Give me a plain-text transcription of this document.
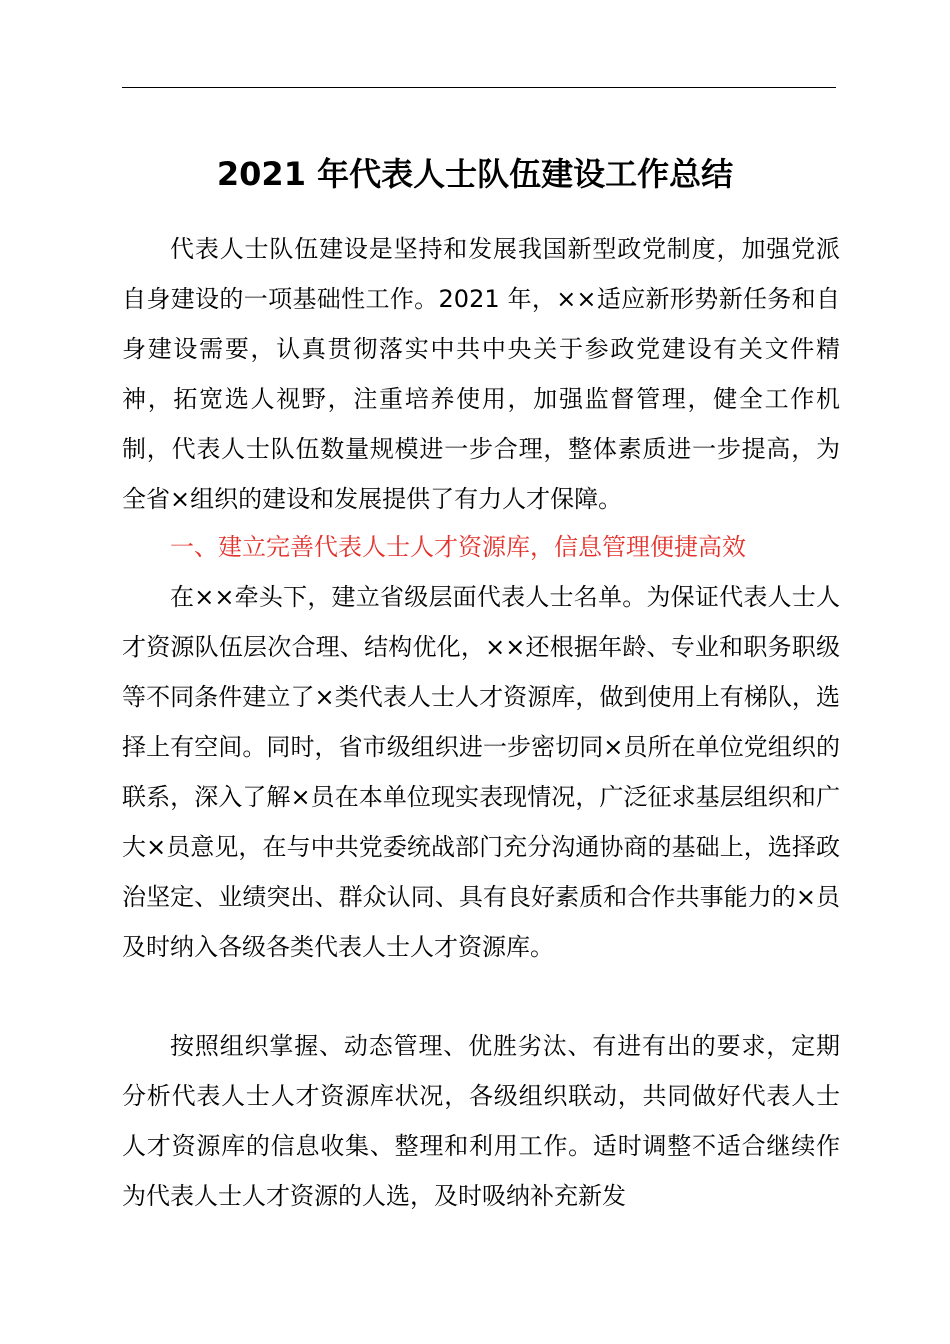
2021 年代表人士队伍建设工作总结

代表人士队伍建设是坚持和发展我国新型政党制度，加强党派自身建设的一项基础性工作。2021 年，××适应新形势新任务和自身建设需要，认真贯彻落实中共中央关于参政党建设有关文件精神，拓宽选人视野，注重培养使用，加强监督管理，健全工作机制，代表人士队伍数量规模进一步合理，整体素质进一步提高，为全省×组织的建设和发展提供了有力人才保障。

一、建立完善代表人士人才资源库，信息管理便捷高效

在××牵头下，建立省级层面代表人士名单。为保证代表人士人才资源队伍层次合理、结构优化，××还根据年龄、专业和职务职级等不同条件建立了×类代表人士人才资源库，做到使用上有梯队，选择上有空间。同时，省市级组织进一步密切同×员所在单位党组织的联系，深入了解×员在本单位现实表现情况，广泛征求基层组织和广大×员意见，在与中共党委统战部门充分沟通协商的基础上，选择政治坚定、业绩突出、群众认同、具有良好素质和合作共事能力的×员及时纳入各级各类代表人士人才资源库。

按照组织掌握、动态管理、优胜劣汰、有进有出的要求，定期分析代表人士人才资源库状况，各级组织联动，共同做好代表人士人才资源库的信息收集、整理和利用工作。适时调整不适合继续作为代表人士人才资源的人选，及时吸纳补充新发
